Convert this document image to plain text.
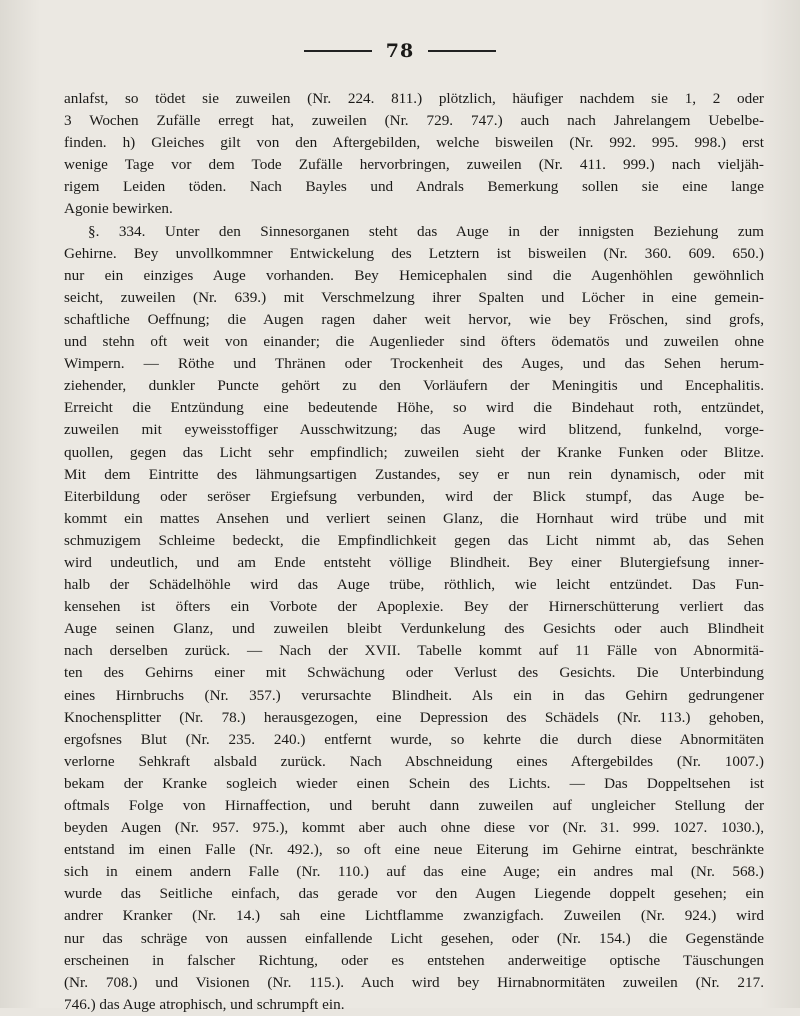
78
anlafst, so tödet sie zuweilen (Nr. 224. 811.) plötzlich, häufiger nachdem sie 1, 2 oder
3 Wochen Zufälle erregt hat, zuweilen (Nr. 729. 747.) auch nach Jahrelangem Uebelbe-
finden. h) Gleiches gilt von den Aftergebilden, welche bisweilen (Nr. 992. 995. 998.) erst
wenige Tage vor dem Tode Zufälle hervorbringen, zuweilen (Nr. 411. 999.) nach vieljäh-
rigem Leiden töden. Nach Bayles und Andrals Bemerkung sollen sie eine lange
Agonie bewirken.
§. 334. Unter den Sinnesorganen steht das Auge in der innigsten Beziehung zum
Gehirne. Bey unvollkommner Entwickelung des Letztern ist bisweilen (Nr. 360. 609. 650.)
nur ein einziges Auge vorhanden. Bey Hemicephalen sind die Augenhöhlen gewöhnlich
seicht, zuweilen (Nr. 639.) mit Verschmelzung ihrer Spalten und Löcher in eine gemein-
schaftliche Oeffnung; die Augen ragen daher weit hervor, wie bey Fröschen, sind grofs,
und stehn oft weit von einander; die Augenlieder sind öfters ödematös und zuweilen ohne
Wimpern. — Röthe und Thränen oder Trockenheit des Auges, und das Sehen herum-
ziehender, dunkler Puncte gehört zu den Vorläufern der Meningitis und Encephalitis.
Erreicht die Entzündung eine bedeutende Höhe, so wird die Bindehaut roth, entzündet,
zuweilen mit eyweisstoffiger Ausschwitzung; das Auge wird blitzend, funkelnd, vorge-
quollen, gegen das Licht sehr empfindlich; zuweilen sieht der Kranke Funken oder Blitze.
Mit dem Eintritte des lähmungsartigen Zustandes, sey er nun rein dynamisch, oder mit
Eiterbildung oder seröser Ergiefsung verbunden, wird der Blick stumpf, das Auge be-
kommt ein mattes Ansehen und verliert seinen Glanz, die Hornhaut wird trübe und mit
schmuzigem Schleime bedeckt, die Empfindlichkeit gegen das Licht nimmt ab, das Sehen
wird undeutlich, und am Ende entsteht völlige Blindheit. Bey einer Blutergiefsung inner-
halb der Schädelhöhle wird das Auge trübe, röthlich, wie leicht entzündet. Das Fun-
kensehen ist öfters ein Vorbote der Apoplexie. Bey der Hirnerschütterung verliert das
Auge seinen Glanz, und zuweilen bleibt Verdunkelung des Gesichts oder auch Blindheit
nach derselben zurück. — Nach der XVII. Tabelle kommt auf 11 Fälle von Abnormitä-
ten des Gehirns einer mit Schwächung oder Verlust des Gesichts. Die Unterbindung
eines Hirnbruchs (Nr. 357.) verursachte Blindheit. Als ein in das Gehirn gedrungener
Knochensplitter (Nr. 78.) herausgezogen, eine Depression des Schädels (Nr. 113.) gehoben,
ergofsnes Blut (Nr. 235. 240.) entfernt wurde, so kehrte die durch diese Abnormitäten
verlorne Sehkraft alsbald zurück. Nach Abschneidung eines Aftergebildes (Nr. 1007.)
bekam der Kranke sogleich wieder einen Schein des Lichts. — Das Doppeltsehen ist
oftmals Folge von Hirnaffection, und beruht dann zuweilen auf ungleicher Stellung der
beyden Augen (Nr. 957. 975.), kommt aber auch ohne diese vor (Nr. 31. 999. 1027. 1030.),
entstand im einen Falle (Nr. 492.), so oft eine neue Eiterung im Gehirne eintrat, beschränkte
sich in einem andern Falle (Nr. 110.) auf das eine Auge; ein andres mal (Nr. 568.)
wurde das Seitliche einfach, das gerade vor den Augen Liegende doppelt gesehen; ein
andrer Kranker (Nr. 14.) sah eine Lichtflamme zwanzigfach. Zuweilen (Nr. 924.) wird
nur das schräge von aussen einfallende Licht gesehen, oder (Nr. 154.) die Gegenstände
erscheinen in falscher Richtung, oder es entstehen anderweitige optische Täuschungen
(Nr. 708.) und Visionen (Nr. 115.). Auch wird bey Hirnabnormitäten zuweilen (Nr. 217.
746.) das Auge atrophisch, und schrumpft ein.
